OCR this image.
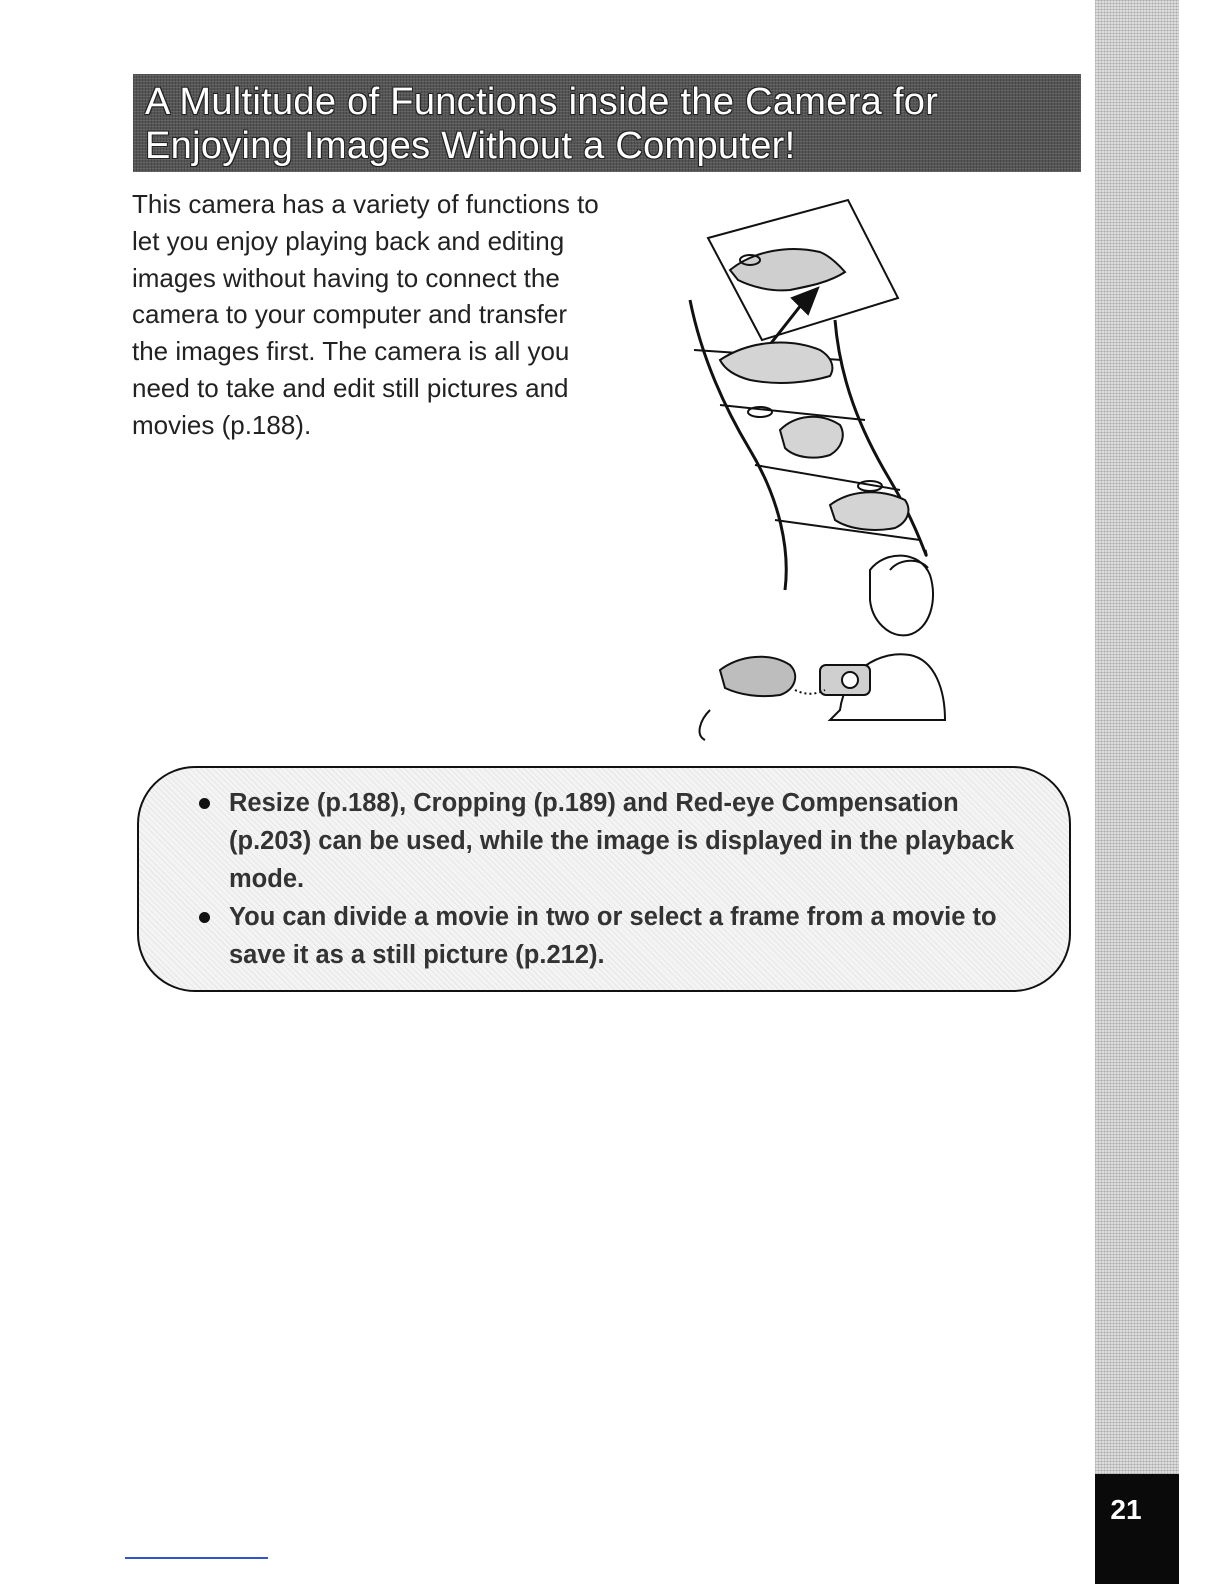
21
A Multitude of Functions inside the Camera for
Enjoying Images Without a Computer!

This camera has a variety of functions to let you enjoy playing back and editing images without having to connect the camera to your computer and transfer the images first. The camera is all you need to take and edit still pictures and movies (p.188).

Resize (p.188), Cropping (p.189) and Red-eye Compensation (p.203) can be used, while the image is displayed in the playback mode.
You can divide a movie in two or select a frame from a movie to save it as a still picture (p.212).
